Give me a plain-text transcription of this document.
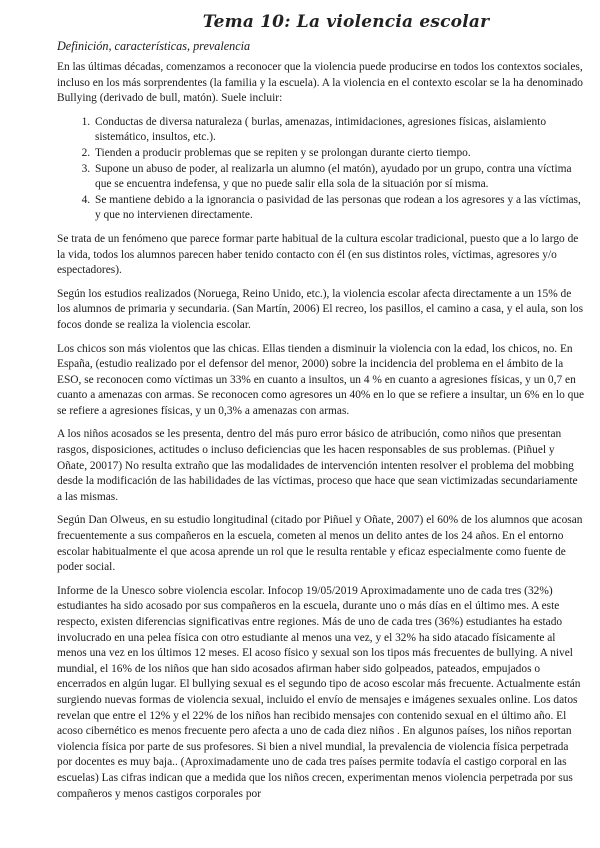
Tema 10: La violencia escolar
Definición, características, prevalencia

En las últimas décadas, comenzamos a reconocer que la violencia puede producirse en todos los contextos sociales, incluso en los más sorprendentes (la familia y la escuela). A la violencia en el contexto escolar se la ha denominado Bullying (derivado de bull, matón). Suele incluir:

1. Conductas de diversa naturaleza ( burlas, amenazas, intimidaciones, agresiones físicas, aislamiento sistemático, insultos, etc.).
2. Tienden a producir problemas que se repiten y se prolongan durante cierto tiempo.
3. Supone un abuso de poder, al realizarla un alumno (el matón), ayudado por un grupo, contra una víctima que se encuentra indefensa, y que no puede salir ella sola de la situación por sí misma.
4. Se mantiene debido a la ignorancia o pasividad de las personas que rodean a los agresores y a las víctimas, y que no intervienen directamente.

Se trata de un fenómeno que parece formar parte habitual de la cultura escolar tradicional, puesto que a lo largo de la vida, todos los alumnos parecen haber tenido contacto con él (en sus distintos roles, víctimas, agresores y/o espectadores).

Según los estudios realizados (Noruega, Reino Unido, etc.), la violencia escolar afecta directamente a un 15% de los alumnos de primaria y secundaria. (San Martín, 2006) El recreo, los pasillos, el camino a casa, y el aula, son los focos donde se realiza la violencia escolar.

Los chicos son más violentos que las chicas. Ellas tienden a disminuir la violencia con la edad, los chicos, no. En España, (estudio realizado por el defensor del menor, 2000) sobre la incidencia del problema en el ámbito de la ESO, se reconocen como víctimas un 33% en cuanto a insultos, un 4 % en cuanto a agresiones físicas, y un 0,7 en cuanto a amenazas con armas. Se reconocen como agresores un 40% en lo que se refiere a insultar, un 6% en lo que se refiere a agresiones físicas, y un 0,3% a amenazas con armas.

A los niños acosados se les presenta, dentro del más puro error básico de atribución, como niños que presentan rasgos, disposiciones, actitudes o incluso deficiencias que les hacen responsables de sus problemas. (Piñuel y Oñate, 20017) No resulta extraño que las modalidades de intervención intenten resolver el problema del mobbing desde la modificación de las habilidades de las víctimas, proceso que hace que sean victimizadas secundariamente a las mismas.

Según Dan Olweus, en su estudio longitudinal (citado por Piñuel y Oñate, 2007) el 60% de los alumnos que acosan frecuentemente a sus compañeros en la escuela, cometen al menos un delito antes de los 24 años. En el entorno escolar habitualmente el que acosa aprende un rol que le resulta rentable y eficaz especialmente como fuente de poder social.

Informe de la Unesco sobre violencia escolar. Infocop 19/05/2019 Aproximadamente uno de cada tres (32%) estudiantes ha sido acosado por sus compañeros en la escuela, durante uno o más días en el último mes. A este respecto, existen diferencias significativas entre regiones. Más de uno de cada tres (36%) estudiantes ha estado involucrado en una pelea física con otro estudiante al menos una vez, y el 32% ha sido atacado físicamente al menos una vez en los últimos 12 meses. El acoso físico y sexual son los tipos más frecuentes de bullying. A nivel mundial, el 16% de los niños que han sido acosados afirman haber sido golpeados, pateados, empujados o encerrados en algún lugar. El bullying sexual es el segundo tipo de acoso escolar más frecuente. Actualmente están surgiendo nuevas formas de violencia sexual, incluido el envío de mensajes e imágenes sexuales online. Los datos revelan que entre el 12% y el 22% de los niños han recibido mensajes con contenido sexual en el último año. El acoso cibernético es menos frecuente pero afecta a uno de cada diez niños . En algunos países, los niños reportan violencia física por parte de sus profesores. Si bien a nivel mundial, la prevalencia de violencia física perpetrada por docentes es muy baja.. (Aproximadamente uno de cada tres países permite todavía el castigo corporal en las escuelas) Las cifras indican que a medida que los niños crecen, experimentan menos violencia perpetrada por sus compañeros y menos castigos corporales por
